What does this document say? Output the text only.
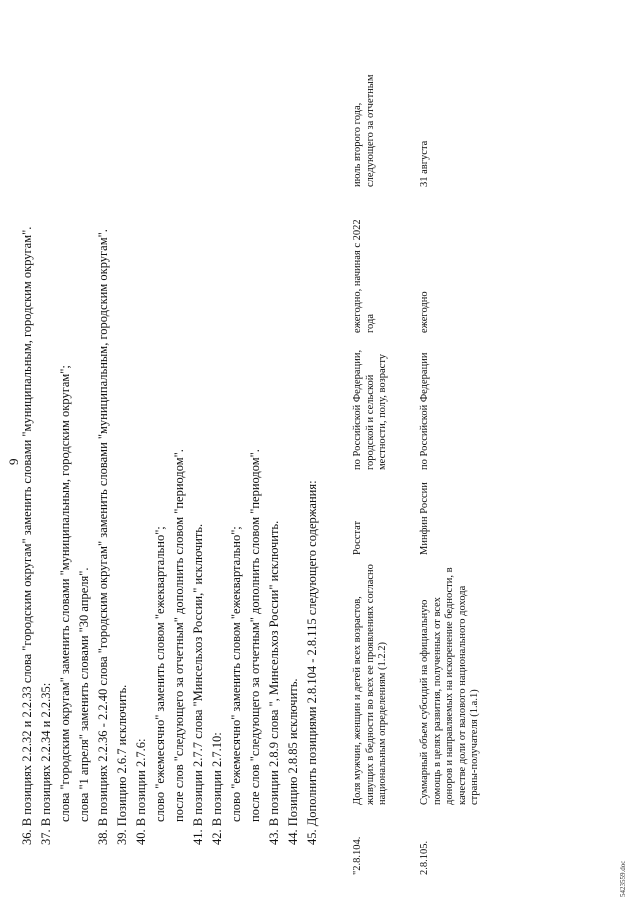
9 36. В позициях 2.2.32 и 2.2.33 слова "городским округам" заменить словами "муниципальным, городским округам". 37. В позициях 2.2.34 и 2.2.35: слова "городским округам" заменить словами "муниципальным, городским округам"; слова "1 апреля" заменить словами "30 апреля". 38. В позициях 2.2.36 - 2.2.40 слова "городским округам" заменить словами "муниципальным, городским округам". 39. Позицию 2.6.7 исключить. 40. В позиции 2.7.6: слово "ежемесячно" заменить словом "ежеквартально"; после слов "следующего за отчетным" дополнить словом "периодом". 41. В позиции 2.7.7 слова "Минсельхоз России," исключить. 42. В позиции 2.7.10: слово "ежемесячно" заменить словом "ежеквартально"; после слов "следующего за отчетным" дополнить словом "периодом". 43. В позиции 2.8.9 слова ", Минсельхоз России" исключить. 44. Позицию 2.8.85 исключить. 45. Дополнить позициями 2.8.104 - 2.8.115 следующего содержания:
"2.8.104.
Доля мужчин, женщин и детей всех возрастов, живущих в бедности во всех ее проявлениях согласно национальным определениям (1.2.2)
Росстат
по Российской Федерации, городской и сельской местности, полу, возрасту
ежегодно, начиная с 2022 года
июль второго года, следующего за отчетным
2.8.105.
Суммарный объем субсидий на официальную помощь в целях развития, полученных от всех доноров и направляемых на искоренение бедности, в качестве доли от валового национального дохода страны-получателя (1.a.1)
Минфин России
по Российской Федерации
ежегодно
31 августа
5423559.doc
